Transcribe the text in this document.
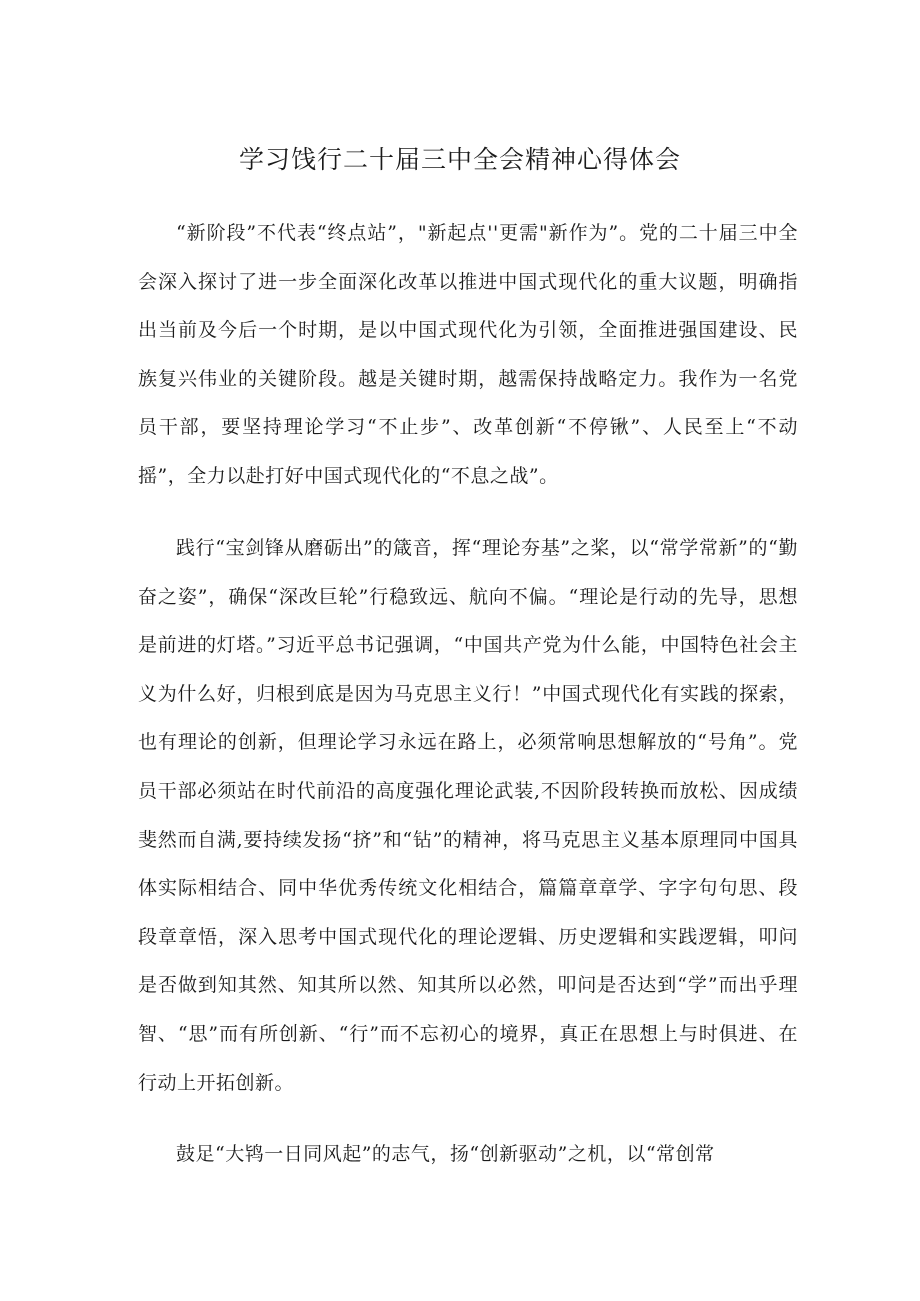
学习饯行二十届三中全会精神心得体会

“新阶段”不代表“终点站”，"新起点''更需"新作为”。党的二十届三中全会深入探讨了进一步全面深化改革以推进中国式现代化的重大议题，明确指出当前及今后一个时期，是以中国式现代化为引领，全面推进强国建设、民族复兴伟业的关键阶段。越是关键时期，越需保持战略定力。我作为一名党员干部，要坚持理论学习“不止步”、改革创新“不停锹”、人民至上“不动摇”，全力以赴打好中国式现代化的“不息之战”。

践行“宝剑锋从磨砺出”的箴音，挥“理论夯基”之桨，以“常学常新”的“勤奋之姿”，确保“深改巨轮”行稳致远、航向不偏。“理论是行动的先导，思想是前进的灯塔。”习近平总书记强调，“中国共产党为什么能，中国特色社会主义为什么好，归根到底是因为马克思主义行！”中国式现代化有实践的探索，也有理论的创新，但理论学习永远在路上，必须常响思想解放的“号角”。党员干部必须站在时代前沿的高度强化理论武装,不因阶段转换而放松、因成绩斐然而自满,要持续发扬“挤”和“钻”的精神，将马克思主义基本原理同中国具体实际相结合、同中华优秀传统文化相结合，篇篇章章学、字字句句思、段段章章悟，深入思考中国式现代化的理论逻辑、历史逻辑和实践逻辑，叩问是否做到知其然、知其所以然、知其所以必然，叩问是否达到“学”而出乎理智、“思”而有所创新、“行”而不忘初心的境界，真正在思想上与时俱进、在行动上开拓创新。

鼓足“大鸨一日同风起”的志气，扬“创新驱动”之机，以“常创常
